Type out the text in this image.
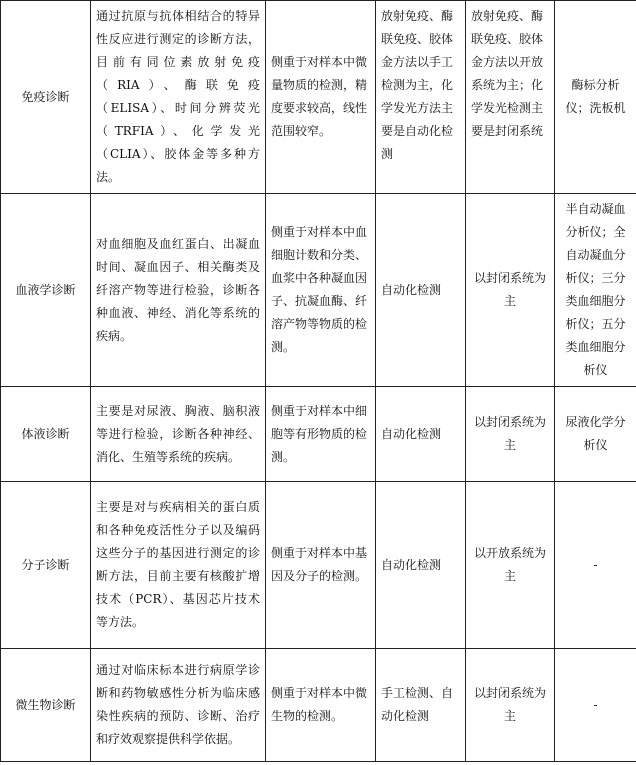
免疫诊断	通过抗原与抗体相结合的特异性反应进行测定的诊断方法，目前有同位素放射免疫（RIA）、酶联免疫（ELISA）、时间分辨荧光（TRFIA）、化学发光（CLIA）、胶体金等多种方法。	侧重于对样本中微量物质的检测，精度要求较高，线性范围较窄。	放射免疫、酶联免疫、胶体金方法以手工检测为主，化学发光方法主要是自动化检测	放射免疫、酶联免疫、胶体金方法以开放系统为主；化学发光检测主要是封闭系统	酶标分析仪；洗板机
血液学诊断	对血细胞及血红蛋白、出凝血时间、凝血因子、相关酶类及纤溶产物等进行检验，诊断各种血液、神经、消化等系统的疾病。	侧重于对样本中血细胞计数和分类、血浆中各种凝血因子、抗凝血酶、纤溶产物等物质的检测。	自动化检测	以封闭系统为主	半自动凝血分析仪；全自动凝血分析仪；三分类血细胞分析仪；五分类血细胞分析仪
体液诊断	主要是对尿液、胸液、脑积液等进行检验，诊断各种神经、消化、生殖等系统的疾病。	侧重于对样本中细胞等有形物质的检测。	自动化检测	以封闭系统为主	尿液化学分析仪
分子诊断	主要是对与疾病相关的蛋白质和各种免疫活性分子以及编码这些分子的基因进行测定的诊断方法，目前主要有核酸扩增技术（PCR）、基因芯片技术等方法。	侧重于对样本中基因及分子的检测。	自动化检测	以开放系统为主	-
微生物诊断	通过对临床标本进行病原学诊断和药物敏感性分析为临床感染性疾病的预防、诊断、治疗和疗效观察提供科学依据。	侧重于对样本中微生物的检测。	手工检测、自动化检测	以封闭系统为主	-
